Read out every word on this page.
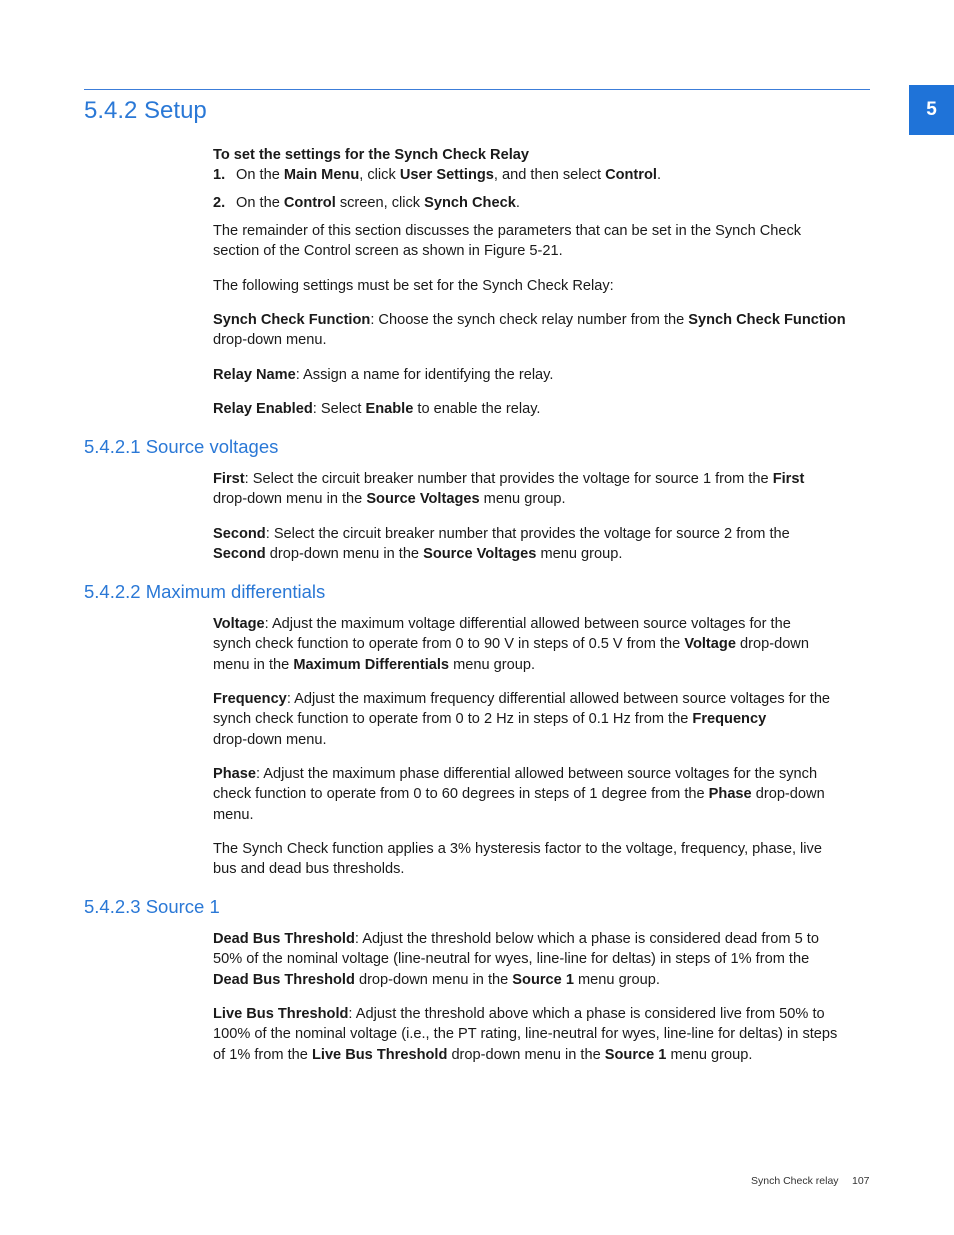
5
5.4.2 Setup
To set the settings for the Synch Check Relay
1. On the Main Menu, click User Settings, and then select Control.
2. On the Control screen, click Synch Check.
The remainder of this section discusses the parameters that can be set in the Synch Check
section of the Control screen as shown in Figure 5-21.
The following settings must be set for the Synch Check Relay:
Synch Check Function: Choose the synch check relay number from the Synch Check Function
drop-down menu.
Relay Name: Assign a name for identifying the relay.
Relay Enabled: Select Enable to enable the relay.
5.4.2.1 Source voltages
First: Select the circuit breaker number that provides the voltage for source 1 from the First
drop-down menu in the Source Voltages menu group.
Second: Select the circuit breaker number that provides the voltage for source 2 from the
Second drop-down menu in the Source Voltages menu group.
5.4.2.2 Maximum differentials
Voltage: Adjust the maximum voltage differential allowed between source voltages for the
synch check function to operate from 0 to 90 V in steps of 0.5 V from the Voltage drop-down
menu in the Maximum Differentials menu group.
Frequency: Adjust the maximum frequency differential allowed between source voltages for the
synch check function to operate from 0 to 2 Hz in steps of 0.1 Hz from the Frequency
drop-down menu.
Phase: Adjust the maximum phase differential allowed between source voltages for the synch
check function to operate from 0 to 60 degrees in steps of 1 degree from the Phase drop-down
menu.
The Synch Check function applies a 3% hysteresis factor to the voltage, frequency, phase, live
bus and dead bus thresholds.
5.4.2.3 Source 1
Dead Bus Threshold: Adjust the threshold below which a phase is considered dead from 5 to
50% of the nominal voltage (line-neutral for wyes, line-line for deltas) in steps of 1% from the
Dead Bus Threshold drop-down menu in the Source 1 menu group.
Live Bus Threshold: Adjust the threshold above which a phase is considered live from 50% to
100% of the nominal voltage (i.e., the PT rating, line-neutral for wyes, line-line for deltas) in steps
of 1% from the Live Bus Threshold drop-down menu in the Source 1 menu group.
Synch Check relay 107
